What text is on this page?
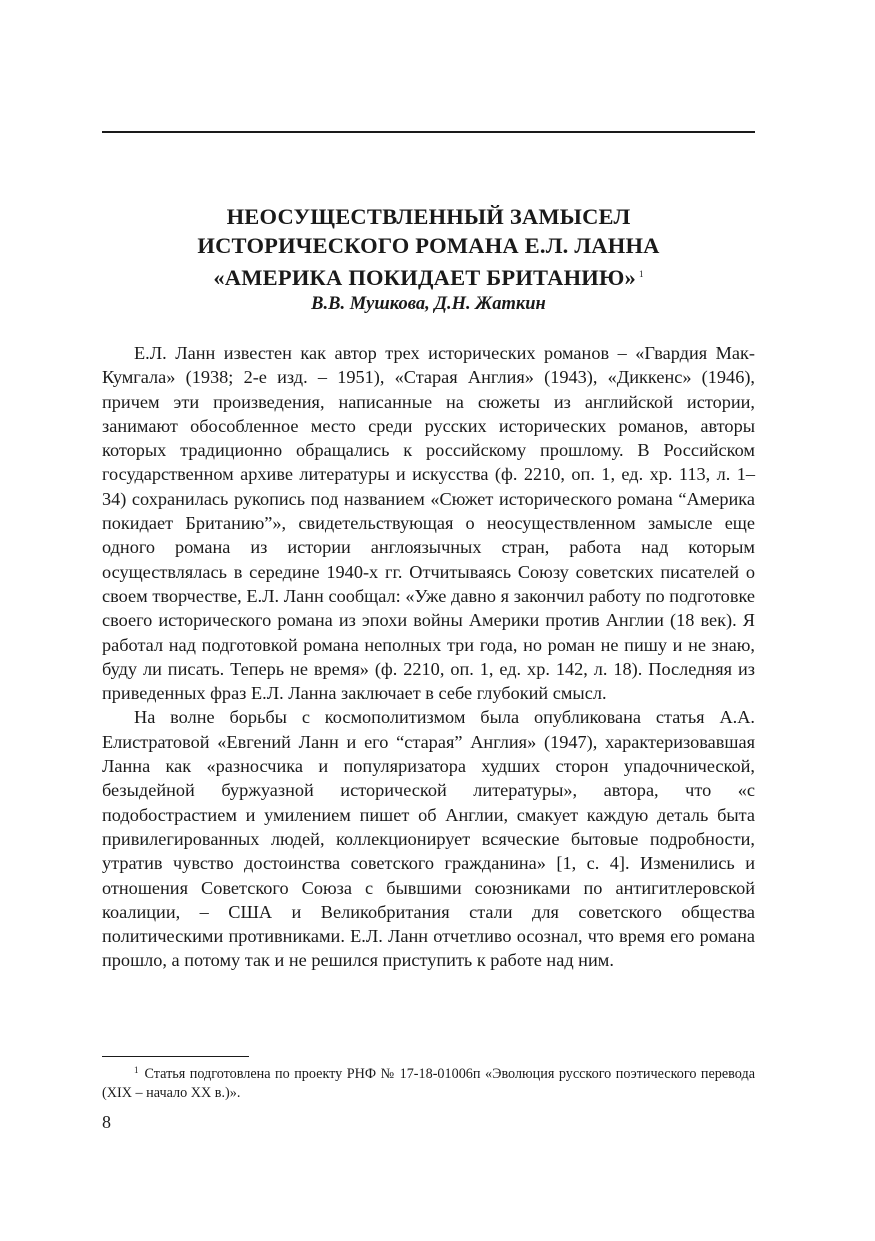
НЕОСУЩЕСТВЛЕННЫЙ ЗАМЫСЕЛ
ИСТОРИЧЕСКОГО РОМАНА Е.Л. ЛАННА
«АМЕРИКА ПОКИДАЕТ БРИТАНИЮ» $^1$
В.В. Мушкова, Д.Н. Жаткин

Е.Л. Ланн известен как автор трех исторических романов – «Гвардия Мак-Кумгала» (1938; 2-е изд. – 1951), «Старая Англия» (1943), «Диккенс» (1946), причем эти произведения, написанные на сюжеты из английской истории, занимают обособленное место среди русских исторических романов, авторы которых традиционно обращались к российскому прошлому. В Российском государственном архиве литературы и искусства (ф. 2210, оп. 1, ед. хр. 113, л. 1–34) сохранилась рукопись под названием «Сюжет исторического романа “Америка покидает Британию”», свидетельствующая о неосуществленном замысле еще одного романа из истории англоязычных стран, работа над которым осуществлялась в середине 1940-х гг. Отчитываясь Союзу советских писателей о своем творчестве, Е.Л. Ланн сообщал: «Уже давно я закончил работу по подготовке своего исторического романа из эпохи войны Америки против Англии (18 век). Я работал над подготовкой романа неполных три года, но роман не пишу и не знаю, буду ли писать. Теперь не время» (ф. 2210, оп. 1, ед. хр. 142, л. 18). Последняя из приведенных фраз Е.Л. Ланна заключает в себе глубокий смысл.

На волне борьбы с космополитизмом была опубликована статья А.А. Елистратовой «Евгений Ланн и его “старая” Англия» (1947), характеризовавшая Ланна как «разносчика и популяризатора худших сторон упадочнической, безыдейной буржуазной исторической литературы», автора, что «с подобострастием и умилением пишет об Англии, смакует каждую деталь быта привилегированных людей, коллекционирует всяческие бытовые подробности, утратив чувство достоинства советского гражданина» [1, с. 4]. Изменились и отношения Советского Союза с бывшими союзниками по антигитлеровской коалиции, – США и Великобритания стали для советского общества политическими противниками. Е.Л. Ланн отчетливо осознал, что время его романа прошло, а потому так и не решился приступить к работе над ним.

$^1$ Статья подготовлена по проекту РНФ № 17-18-01006п «Эволюция русского поэтического перевода (XIX – начало XX в.)».
8
